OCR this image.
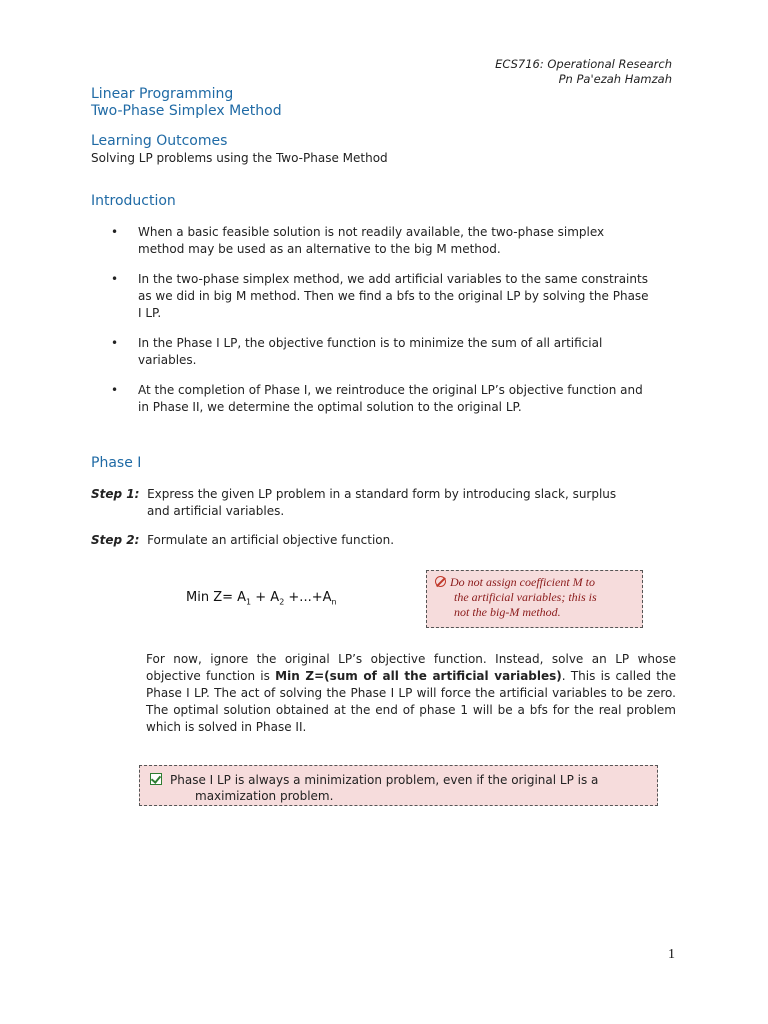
ECS716: Operational Research
Pn Pa'ezah Hamzah
Linear Programming
Two-Phase Simplex Method
Learning Outcomes
Solving LP problems using the Two-Phase Method
Introduction
• When a basic feasible solution is not readily available, the two-phase simplex method may be used as an alternative to the big M method.
• In the two-phase simplex method, we add artificial variables to the same constraints as we did in big M method. Then we find a bfs to the original LP by solving the Phase I LP.
• In the Phase I LP, the objective function is to minimize the sum of all artificial variables.
• At the completion of Phase I, we reintroduce the original LP’s objective function and in Phase II, we determine the optimal solution to the original LP.
Phase I
Step 1: Express the given LP problem in a standard form by introducing slack, surplus
and artificial variables.
Step 2: Formulate an artificial objective function.
Min $Z= A_1 + A_2 +...+A_n$
Do not assign coefficient M to
the artificial variables; this is
not the big-M method.
For now, ignore the original LP’s objective function. Instead, solve an LP whose objective function is Min Z=(sum of all the artificial variables). This is called the Phase I LP. The act of solving the Phase I LP will force the artificial variables to be zero. The optimal solution obtained at the end of phase 1 will be a bfs for the real problem which is solved in Phase II.
Phase I LP is always a minimization problem, even if the original LP is a
maximization problem.
1
